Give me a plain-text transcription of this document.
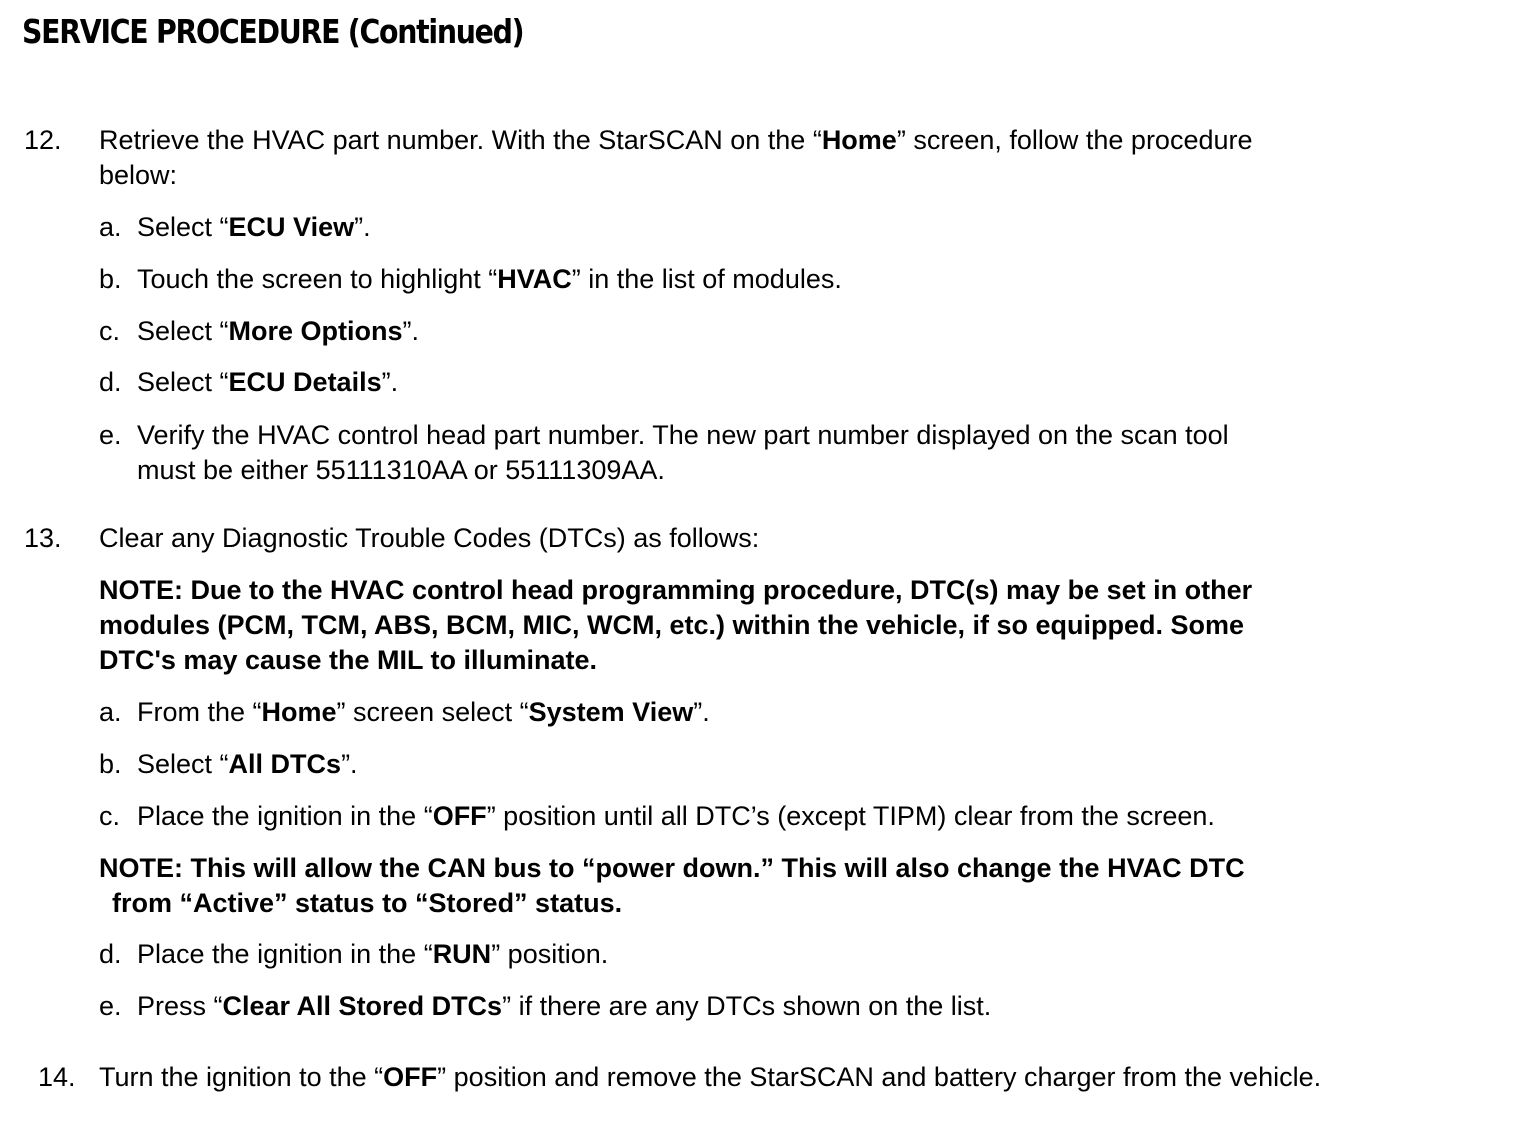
SERVICE PROCEDURE (Continued)
12. Retrieve the HVAC part number. With the StarSCAN on the “Home” screen, follow the procedure
below:
a. Select “ECU View”.
b. Touch the screen to highlight “HVAC” in the list of modules.
c. Select “More Options”.
d. Select “ECU Details”.
e. Verify the HVAC control head part number. The new part number displayed on the scan tool
must be either 55111310AA or 55111309AA.
13. Clear any Diagnostic Trouble Codes (DTCs) as follows:
NOTE: Due to the HVAC control head programming procedure, DTC(s) may be set in other
modules (PCM, TCM, ABS, BCM, MIC, WCM, etc.) within the vehicle, if so equipped. Some
DTC's may cause the MIL to illuminate.
a. From the “Home” screen select “System View”.
b. Select “All DTCs”.
c. Place the ignition in the “OFF” position until all DTC’s (except TIPM) clear from the screen.
NOTE: This will allow the CAN bus to “power down.” This will also change the HVAC DTC
from “Active” status to “Stored” status.
d. Place the ignition in the “RUN” position.
e. Press “Clear All Stored DTCs” if there are any DTCs shown on the list.
14. Turn the ignition to the “OFF” position and remove the StarSCAN and battery charger from the vehicle.
